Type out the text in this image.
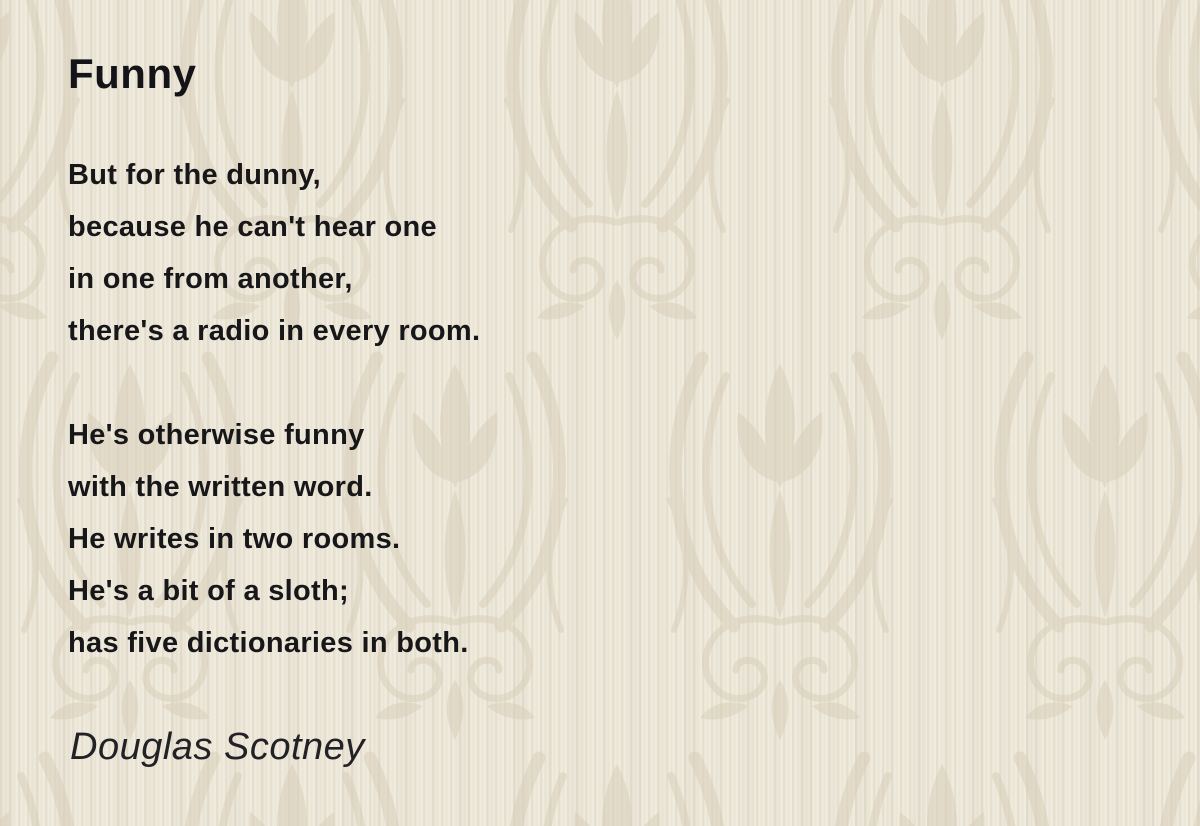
Funny
But for the dunny,
because he can't hear one
in one from another,
there's a radio in every room.
He's otherwise funny
with the written word.
He writes in two rooms.
He's a bit of a sloth;
has five dictionaries in both.

Douglas Scotney
